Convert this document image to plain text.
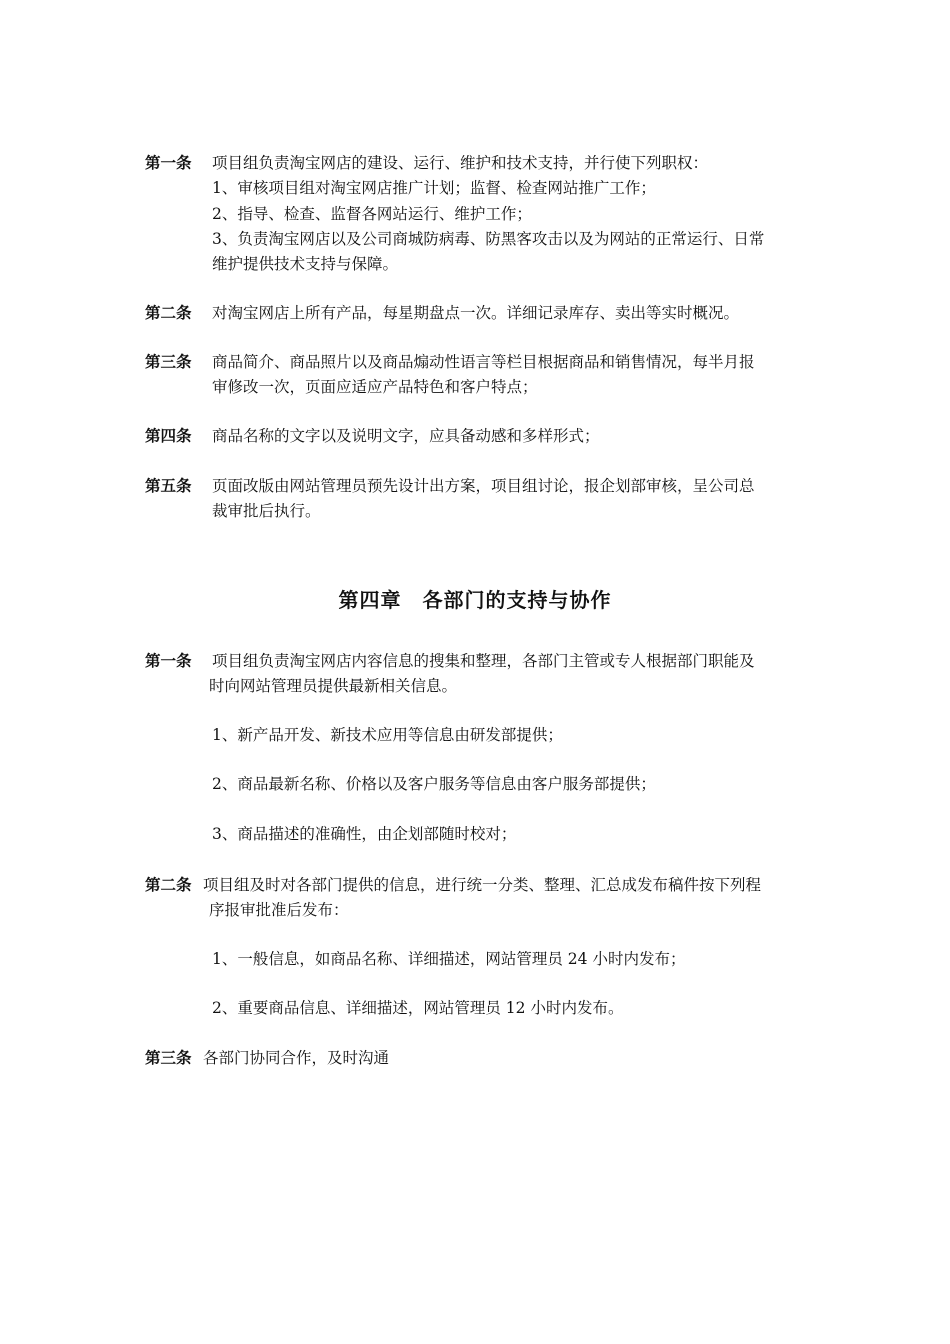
第一条 项目组负责淘宝网店的建设、运行、维护和技术支持，并行使下列职权：
1、审核项目组对淘宝网店推广计划；监督、检查网站推广工作；
2、指导、检查、监督各网站运行、维护工作；
3、负责淘宝网店以及公司商城防病毒、防黑客攻击以及为网站的正常运行、日常
维护提供技术支持与保障。
第二条 对淘宝网店上所有产品，每星期盘点一次。详细记录库存、卖出等实时概况。
第三条 商品简介、商品照片以及商品煽动性语言等栏目根据商品和销售情况，每半月报
审修改一次，页面应适应产品特色和客户特点；
第四条 商品名称的文字以及说明文字，应具备动感和多样形式；
第五条 页面改版由网站管理员预先设计出方案，项目组讨论，报企划部审核，呈公司总
裁审批后执行。
第四章　各部门的支持与协作
第一条 项目组负责淘宝网店内容信息的搜集和整理，各部门主管或专人根据部门职能及
时向网站管理员提供最新相关信息。
1、新产品开发、新技术应用等信息由研发部提供；
2、商品最新名称、价格以及客户服务等信息由客户服务部提供；
3、商品描述的准确性，由企划部随时校对；
第二条 项目组及时对各部门提供的信息，进行统一分类、整理、汇总成发布稿件按下列程
序报审批准后发布：
1、一般信息，如商品名称、详细描述，网站管理员 24 小时内发布；
2、重要商品信息、详细描述，网站管理员 12 小时内发布。
第三条 各部门协同合作，及时沟通
